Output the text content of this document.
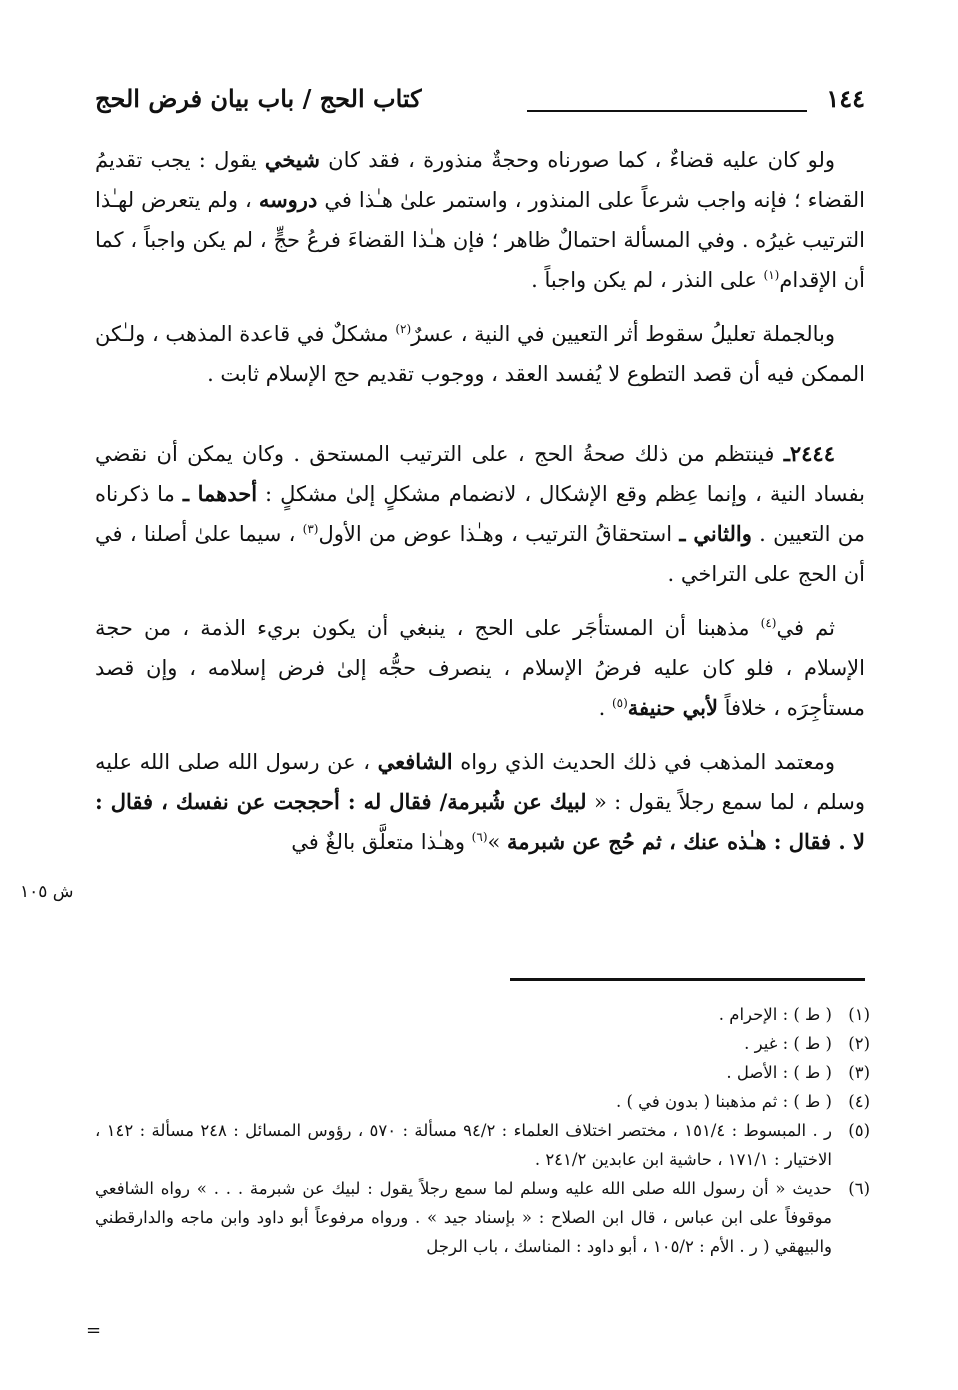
١٤٤
كتاب الحج / باب بيان فرض الحج

ولو كان عليه قضاءٌ ، كما صورناه وحجةٌ منذورة ، فقد كان شيخي يقول : يجب تقديمُ القضاء ؛ فإنه واجب شرعاً على المنذور ، واستمر علىٰ هـٰذا في دروسه ، ولم يتعرض لهـٰذا الترتيب غيرُه . وفي المسألة احتمالٌ ظاهر ؛ فإن هـٰذا القضاءَ فرعُ حجٍّ ، لم يكن واجباً ، كما أن الإقدام$^{(١)}$ على النذر ، لم يكن واجباً .

وبالجملة تعليلُ سقوط أثر التعيين في النية ، عسرٌ$^{(٢)}$ مشكلٌ في قاعدة المذهب ، ولـٰكن الممكن فيه أن قصد التطوع لا يُفسد العقد ، ووجوب تقديم حج الإسلام ثابت .

٢٤٤٤ـ فينتظم من ذلك صحةُ الحج ، على الترتيب المستحق . وكان يمكن أن نقضي بفساد النية ، وإنما عِظم وقع الإشكال ، لانضمام مشكلٍ إلىٰ مشكلٍ : أحدهما ـ ما ذكرناه من التعيين . والثاني ـ استحقاقُ الترتيب ، وهـٰذا عوض من الأول$^{(٣)}$ ، سيما علىٰ أصلنا ، في أن الحج على التراخي .

ثم في$^{(٤)}$ مذهبنا أن المستأجَر على الحج ، ينبغي أن يكون بريء الذمة ، من حجة الإسلام ، فلو كان عليه فرضُ الإسلام ، ينصرف حجُّه إلىٰ فرض إسلامه ، وإن قصد مستأجِرَه ، خلافاً لأبي حنيفة$^{(٥)}$ .

ومعتمد المذهب في ذلك الحديث الذي رواه الشافعي ، عن رسول الله صلى الله عليه وسلم ، لما سمع رجلاً يقول : « لبيك عن شُبرمة/ فقال له : أحججت عن نفسك ، فقال : لا . فقال : هـٰذه عنك ، ثم حُج عن شبرمة »$^{(٦)}$ وهـٰذا متعلَّق بالغٌ في

ش ١٠٥
(١)
( ط ) : الإحرام .
(٢)
( ط ) : غير .
(٣)
( ط ) : الأصل .
(٤)
( ط ) : ثم مذهبنا ( بدون في ) .
(٥)
ر . المبسوط : ١٥١/٤ ، مختصر اختلاف العلماء : ٩٤/٢ مسألة : ٥٧٠ ، رؤوس المسائل : ٢٤٨ مسألة : ١٤٢ ، الاختيار : ١٧١/١ ، حاشية ابن عابدين ٢٤١/٢ .
(٦)
حديث « أن رسول الله صلى الله عليه وسلم لما سمع رجلاً يقول : لبيك عن شبرمة . . . » رواه الشافعي موقوفاً على ابن عباس ، قال ابن الصلاح : « بإسناد جيد » . ورواه مرفوعاً أبو داود وابن ماجه والدارقطني والبيهقي ( ر . الأم : ١٠٥/٢ ، أبو داود : المناسك ، باب الرجل
=
